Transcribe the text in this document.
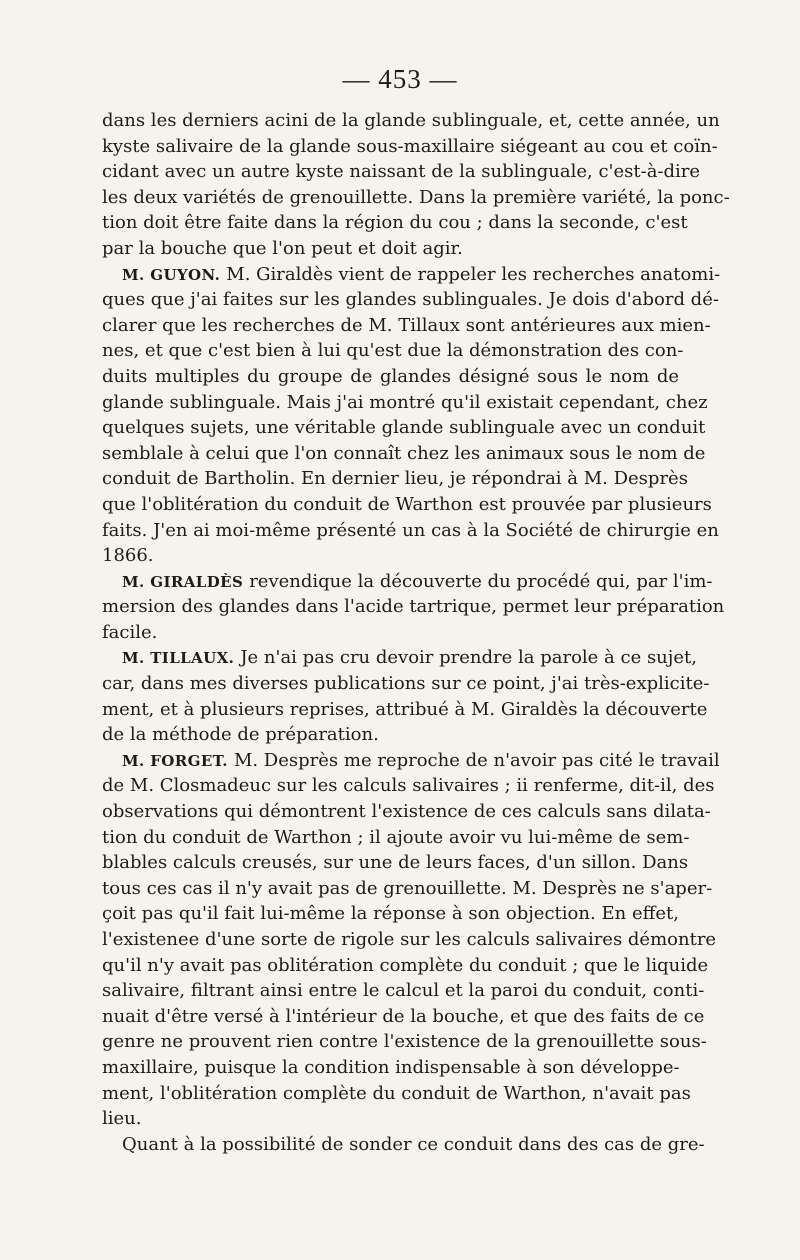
— 453 —
dans les derniers acini de la glande sublinguale, et, cette année, un
kyste salivaire de la glande sous-maxillaire siégeant au cou et coïn-
cidant avec un autre kyste naissant de la sublinguale, c'est-à-dire
les deux variétés de grenouillette. Dans la première variété, la ponc-
tion doit être faite dans la région du cou ; dans la seconde, c'est
par la bouche que l'on peut et doit agir.
M. GUYON. M. Giraldès vient de rappeler les recherches anatomi-
ques que j'ai faites sur les glandes sublinguales. Je dois d'abord dé-
clarer que les recherches de M. Tillaux sont antérieures aux mien-
nes, et que c'est bien à lui qu'est due la démonstration des con-
duits multiples du groupe de glandes désigné sous le nom de
glande sublinguale. Mais j'ai montré qu'il existait cependant, chez
quelques sujets, une véritable glande sublinguale avec un conduit
semblale à celui que l'on connaît chez les animaux sous le nom de
conduit de Bartholin. En dernier lieu, je répondrai à M. Desprès
que l'oblitération du conduit de Warthon est prouvée par plusieurs
faits. J'en ai moi-même présenté un cas à la Société de chirurgie en
1866.
M. GIRALDÈS revendique la découverte du procédé qui, par l'im-
mersion des glandes dans l'acide tartrique, permet leur préparation
facile.
M. TILLAUX. Je n'ai pas cru devoir prendre la parole à ce sujet,
car, dans mes diverses publications sur ce point, j'ai très-explicite-
ment, et à plusieurs reprises, attribué à M. Giraldès la découverte
de la méthode de préparation.
M. FORGET. M. Desprès me reproche de n'avoir pas cité le travail
de M. Closmadeuc sur les calculs salivaires ; ii renferme, dit-il, des
observations qui démontrent l'existence de ces calculs sans dilata-
tion du conduit de Warthon ; il ajoute avoir vu lui-même de sem-
blables calculs creusés, sur une de leurs faces, d'un sillon. Dans
tous ces cas il n'y avait pas de grenouillette. M. Desprès ne s'aper-
çoit pas qu'il fait lui-même la réponse à son objection. En effet,
l'existenee d'une sorte de rigole sur les calculs salivaires démontre
qu'il n'y avait pas oblitération complète du conduit ; que le liquide
salivaire, filtrant ainsi entre le calcul et la paroi du conduit, conti-
nuait d'être versé à l'intérieur de la bouche, et que des faits de ce
genre ne prouvent rien contre l'existence de la grenouillette sous-
maxillaire, puisque la condition indispensable à son développe-
ment, l'oblitération complète du conduit de Warthon, n'avait pas
lieu.
Quant à la possibilité de sonder ce conduit dans des cas de gre-
